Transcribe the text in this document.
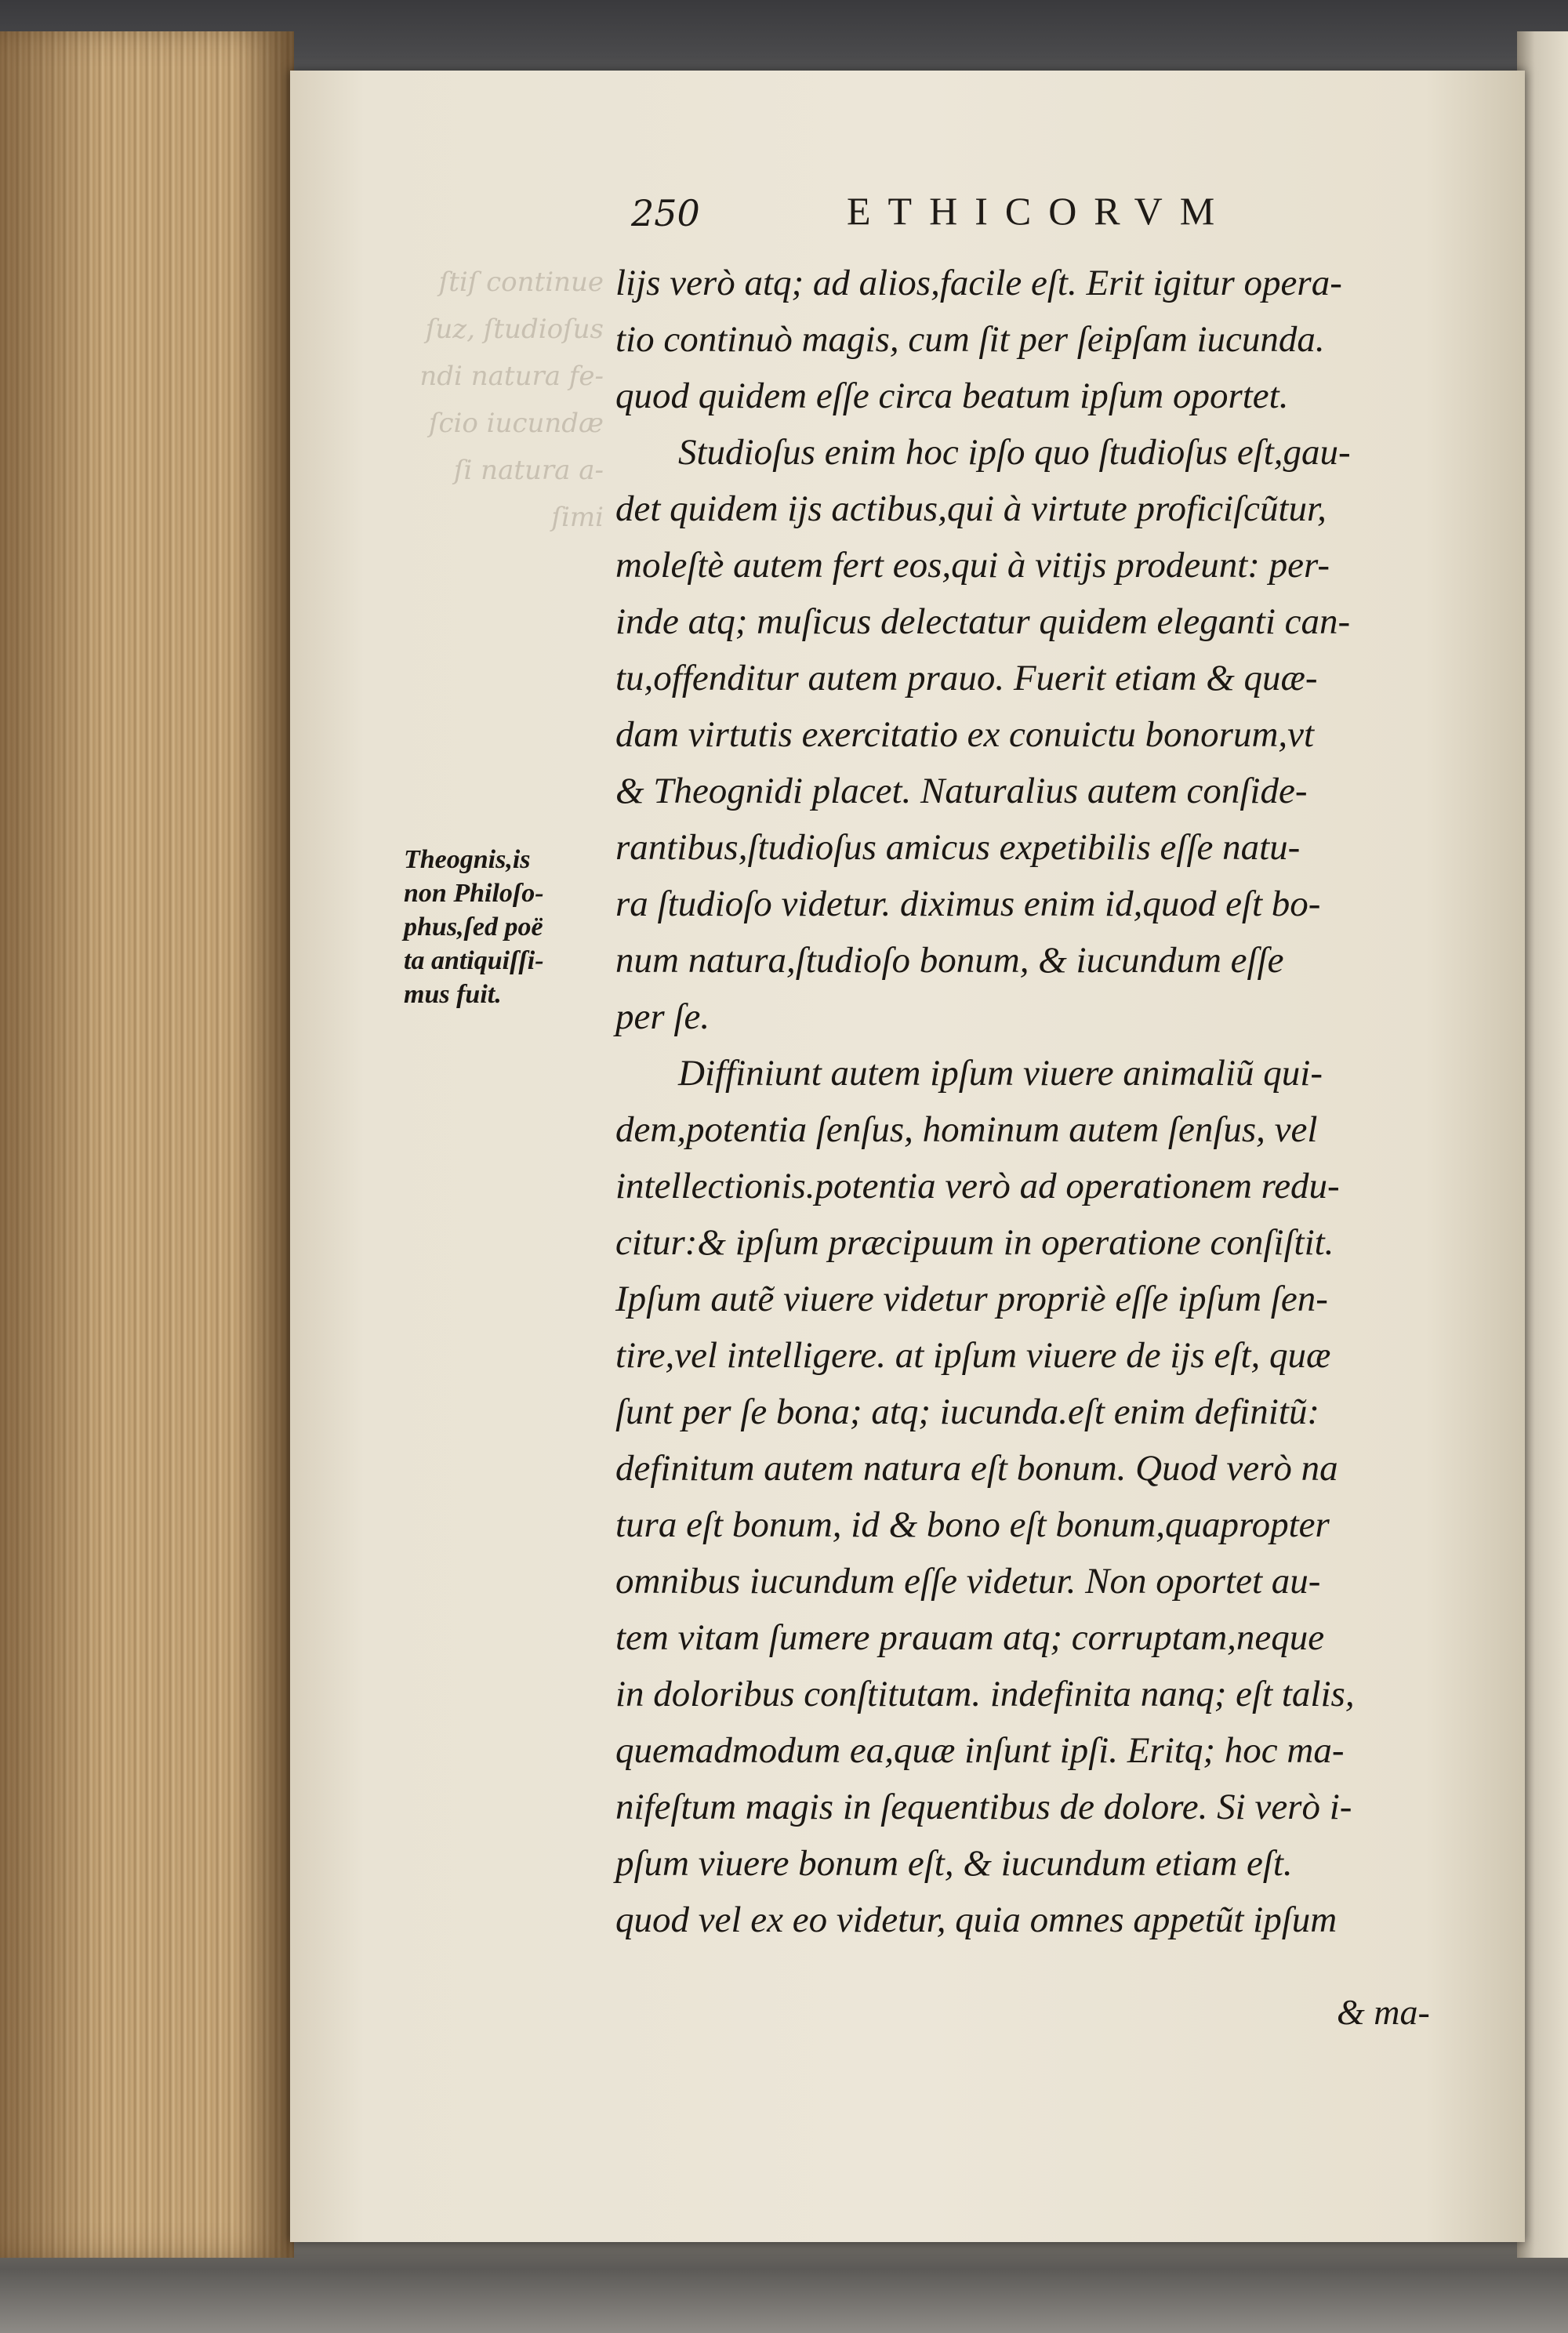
ſtiſ continue
ſuz, ſtudioſus
ndi natura fe-
ſcio iucundæ
ſi natura a-
ſimi
250	ETHICORVM
Theognis,is
non Philoſo-
phus,ſed poë
ta antiquiſſi-
mus fuit.
lijs verò atq; ad alios,facile eſt. Erit igitur opera-
tio continuò magis, cum ſit per ſeipſam iucunda.
quod quidem eſſe circa beatum ipſum oportet.
Studioſus enim hoc ipſo quo ſtudioſus eſt,gau-
det quidem ijs actibus,qui à virtute proficiſcũtur,
moleſtè autem fert eos,qui à vitijs prodeunt: per-
inde atq; muſicus delectatur quidem eleganti can-
tu,offenditur autem prauo. Fuerit etiam & quæ-
dam virtutis exercitatio ex conuictu bonorum,vt
& Theognidi placet. Naturalius autem conſide-
rantibus,ſtudioſus amicus expetibilis eſſe natu-
ra ſtudioſo videtur. diximus enim id,quod eſt bo-
num natura,ſtudioſo bonum, & iucundum eſſe
per ſe.
Diffiniunt autem ipſum viuere animaliũ qui-
dem,potentia ſenſus, hominum autem ſenſus, vel
intellectionis.potentia verò ad operationem redu-
citur:& ipſum præcipuum in operatione conſiſtit.
Ipſum autẽ viuere videtur propriè eſſe ipſum ſen-
tire,vel intelligere. at ipſum viuere de ijs eſt, quæ
ſunt per ſe bona; atq; iucunda.eſt enim definitũ:
definitum autem natura eſt bonum. Quod verò na
tura eſt bonum, id & bono eſt bonum,quapropter
omnibus iucundum eſſe videtur. Non oportet au-
tem vitam ſumere prauam atq; corruptam,neque
in doloribus conſtitutam. indefinita nanq; eſt talis,
quemadmodum ea,quæ inſunt ipſi. Eritq; hoc ma-
nifeſtum magis in ſequentibus de dolore. Si verò i-
pſum viuere bonum eſt, & iucundum etiam eſt.
quod vel ex eo videtur, quia omnes appetũt ipſum
& ma-
